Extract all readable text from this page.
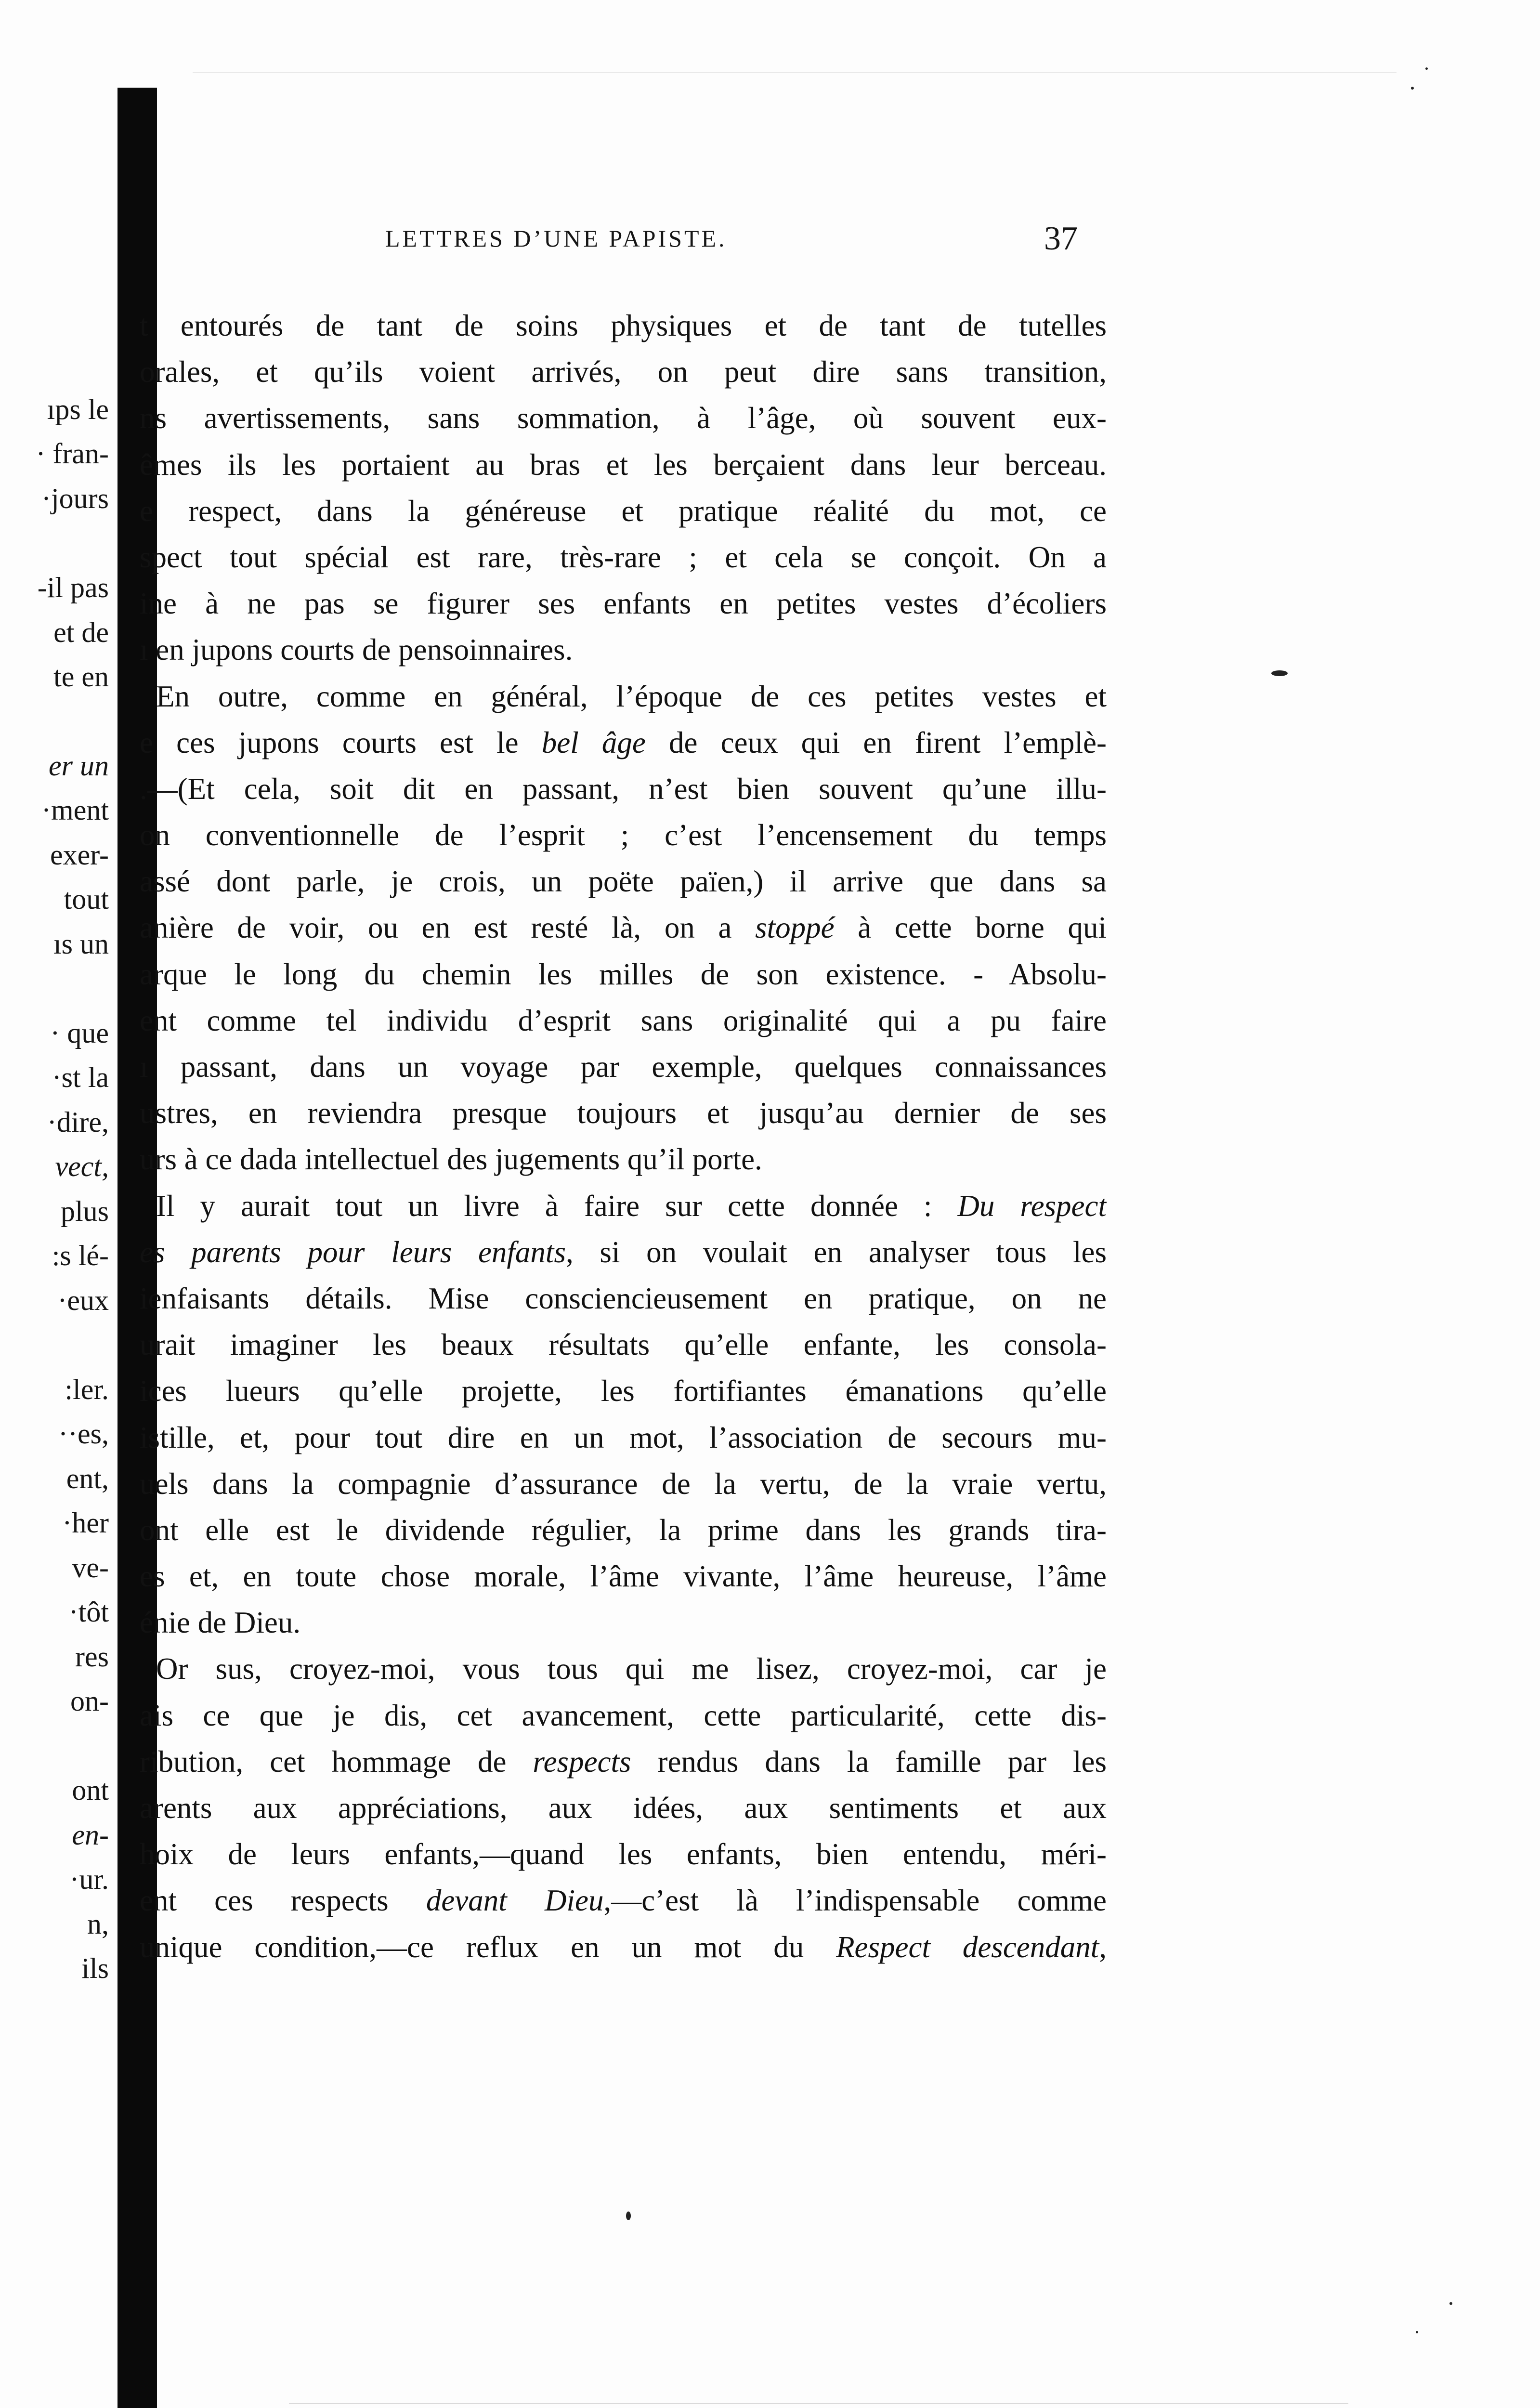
ıps le
· fran-
·jours
-il pas
et de
te en
er un
·ment
exer-
tout
ıs un
· que
·st la
·dire,
vect,
plus
:s lé-
·eux
:ler.
··es,
ent,
·her
ve-
·tôt
res
on-
ont
en-
·ur.
n,
ils
LETTRES D’UNE PAPISTE.	37
t entourés de tant de soins physiques et de tant de tutelles
orales, et qu’ils voient arrivés, on peut dire sans transition,
ns avertissements, sans sommation, à l’âge, où souvent eux-
êmes ils les portaient au bras et les berçaient dans leur berceau.
e respect, dans la généreuse et pratique réalité du mot, ce
spect tout spécial est rare, très-rare ; et cela se conçoit. On a
ine à ne pas se figurer ses enfants en petites vestes d’écoliers
ı en jupons courts de pensoinnaires.
En outre, comme en général, l’époque de ces petites vestes et
e ces jupons courts est le bel âge de ceux qui en firent l’emplè-
.—(Et cela, soit dit en passant, n’est bien souvent qu’une illu-
on conventionnelle de l’esprit ; c’est l’encensement du temps
assé dont parle, je crois, un poëte païen,) il arrive que dans sa
anière de voir, ou en est resté là, on a stoppé à cette borne qui
arque le long du chemin les milles de son existence. - Absolu-
ent comme tel individu d’esprit sans originalité qui a pu faire
ı passant, dans un voyage par exemple, quelques connaissances
ustres, en reviendra presque toujours et jusqu’au dernier de ses
urs à ce dada intellectuel des jugements qu’il porte.
Il y aurait tout un livre à faire sur cette donnée : Du respect
es parents pour leurs enfants, si on voulait en analyser tous les
ienfaisants détails. Mise consciencieusement en pratique, on ne
urait imaginer les beaux résultats qu’elle enfante, les consola-
ices lueurs qu’elle projette, les fortifiantes émanations qu’elle
istille, et, pour tout dire en un mot, l’association de secours mu-
uels dans la compagnie d’assurance de la vertu, de la vraie vertu,
ont elle est le dividende régulier, la prime dans les grands tira-
es et, en toute chose morale, l’âme vivante, l’âme heureuse, l’âme
énie de Dieu.
Or sus, croyez-moi, vous tous qui me lisez, croyez-moi, car je
ais ce que je dis, cet avancement, cette particularité, cette dis-
ribution, cet hommage de respects rendus dans la famille par les
arents aux appréciations, aux idées, aux sentiments et aux
hoix de leurs enfants,—quand les enfants, bien entendu, méri-
ent ces respects devant Dieu,—c’est là l’indispensable comme
unique condition,—ce reflux en un mot du Respect descendant,
